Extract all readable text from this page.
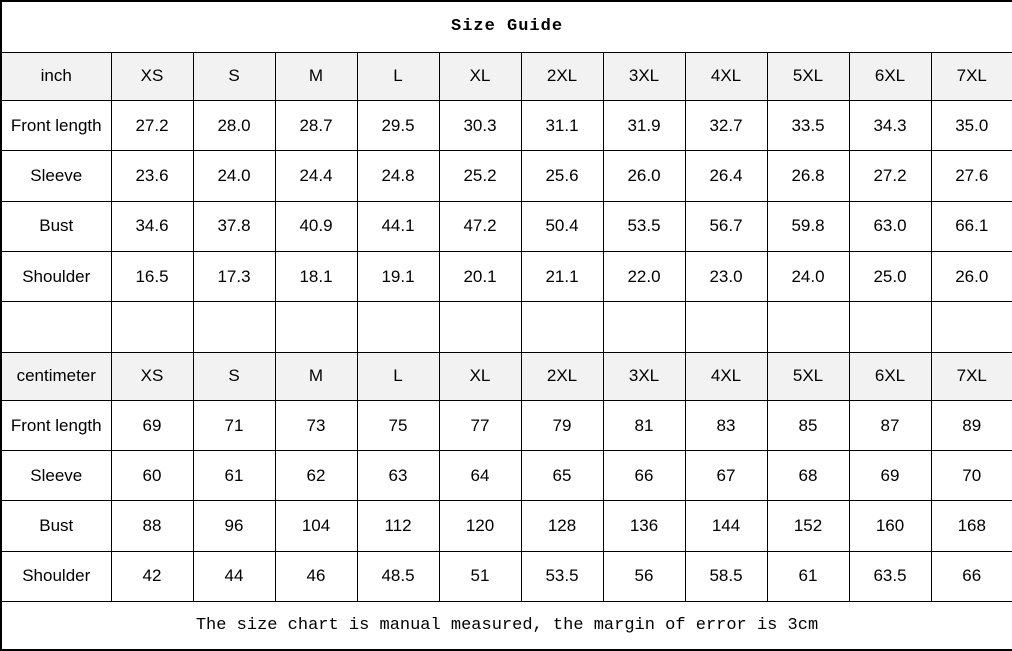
Size Guide											
inch	XS	S	M	L	XL	2XL	3XL	4XL	5XL	6XL	7XL
Front length	27.2	28.0	28.7	29.5	30.3	31.1	31.9	32.7	33.5	34.3	35.0
Sleeve	23.6	24.0	24.4	24.8	25.2	25.6	26.0	26.4	26.8	27.2	27.6
Bust	34.6	37.8	40.9	44.1	47.2	50.4	53.5	56.7	59.8	63.0	66.1
Shoulder	16.5	17.3	18.1	19.1	20.1	21.1	22.0	23.0	24.0	25.0	26.0

centimeter	XS	S	M	L	XL	2XL	3XL	4XL	5XL	6XL	7XL
Front length	69	71	73	75	77	79	81	83	85	87	89
Sleeve	60	61	62	63	64	65	66	67	68	69	70
Bust	88	96	104	112	120	128	136	144	152	160	168
Shoulder	42	44	46	48.5	51	53.5	56	58.5	61	63.5	66
The size chart is manual measured, the margin of error is 3cm											
